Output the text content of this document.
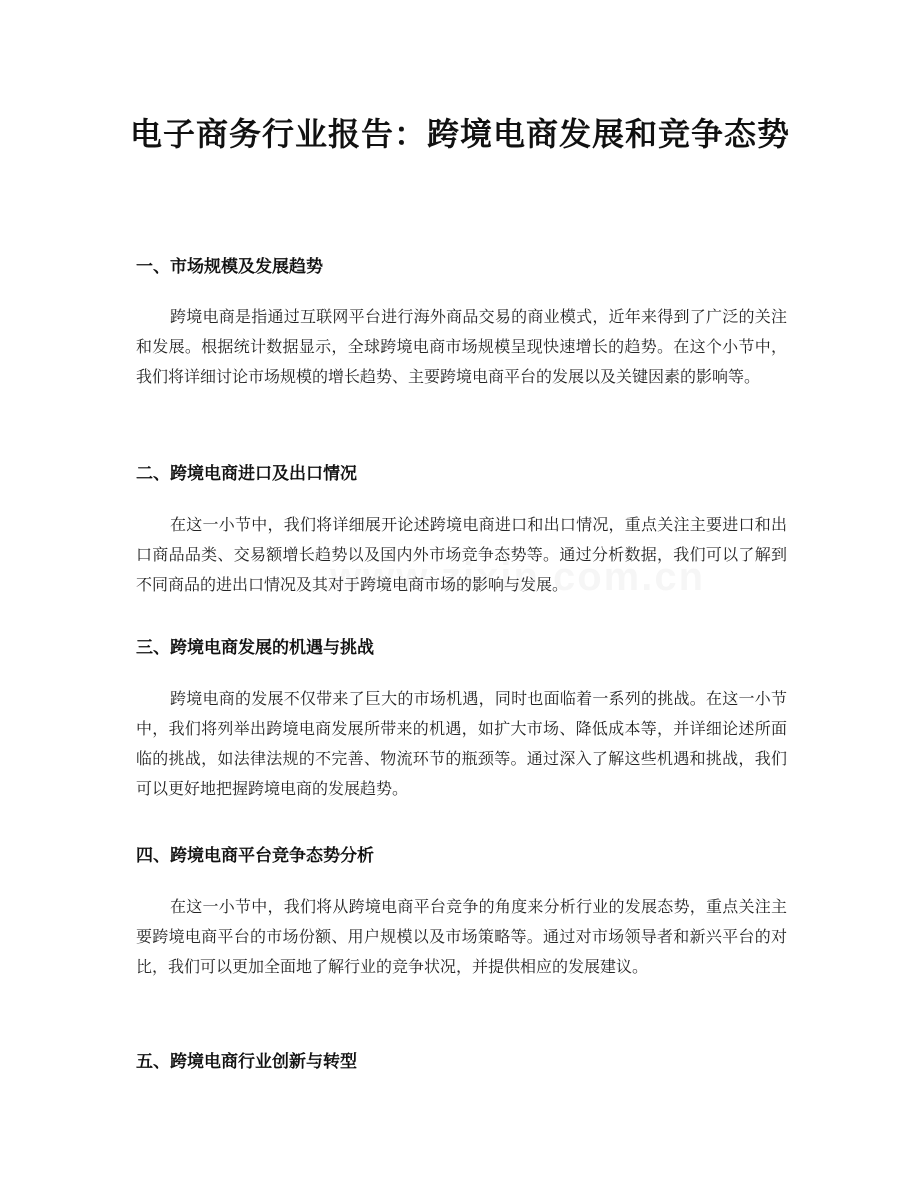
电子商务行业报告：跨境电商发展和竞争态势
一、市场规模及发展趋势

跨境电商是指通过互联网平台进行海外商品交易的商业模式，近年来得到了广泛的关注和发展。根据统计数据显示，全球跨境电商市场规模呈现快速增长的趋势。在这个小节中，我们将详细讨论市场规模的增长趋势、主要跨境电商平台的发展以及关键因素的影响等。

二、跨境电商进口及出口情况

在这一小节中，我们将详细展开论述跨境电商进口和出口情况，重点关注主要进口和出口商品品类、交易额增长趋势以及国内外市场竞争态势等。通过分析数据，我们可以了解到不同商品的进出口情况及其对于跨境电商市场的影响与发展。

三、跨境电商发展的机遇与挑战

跨境电商的发展不仅带来了巨大的市场机遇，同时也面临着一系列的挑战。在这一小节中，我们将列举出跨境电商发展所带来的机遇，如扩大市场、降低成本等，并详细论述所面临的挑战，如法律法规的不完善、物流环节的瓶颈等。通过深入了解这些机遇和挑战，我们可以更好地把握跨境电商的发展趋势。

四、跨境电商平台竞争态势分析

在这一小节中，我们将从跨境电商平台竞争的角度来分析行业的发展态势，重点关注主要跨境电商平台的市场份额、用户规模以及市场策略等。通过对市场领导者和新兴平台的对比，我们可以更加全面地了解行业的竞争状况，并提供相应的发展建议。

五、跨境电商行业创新与转型
